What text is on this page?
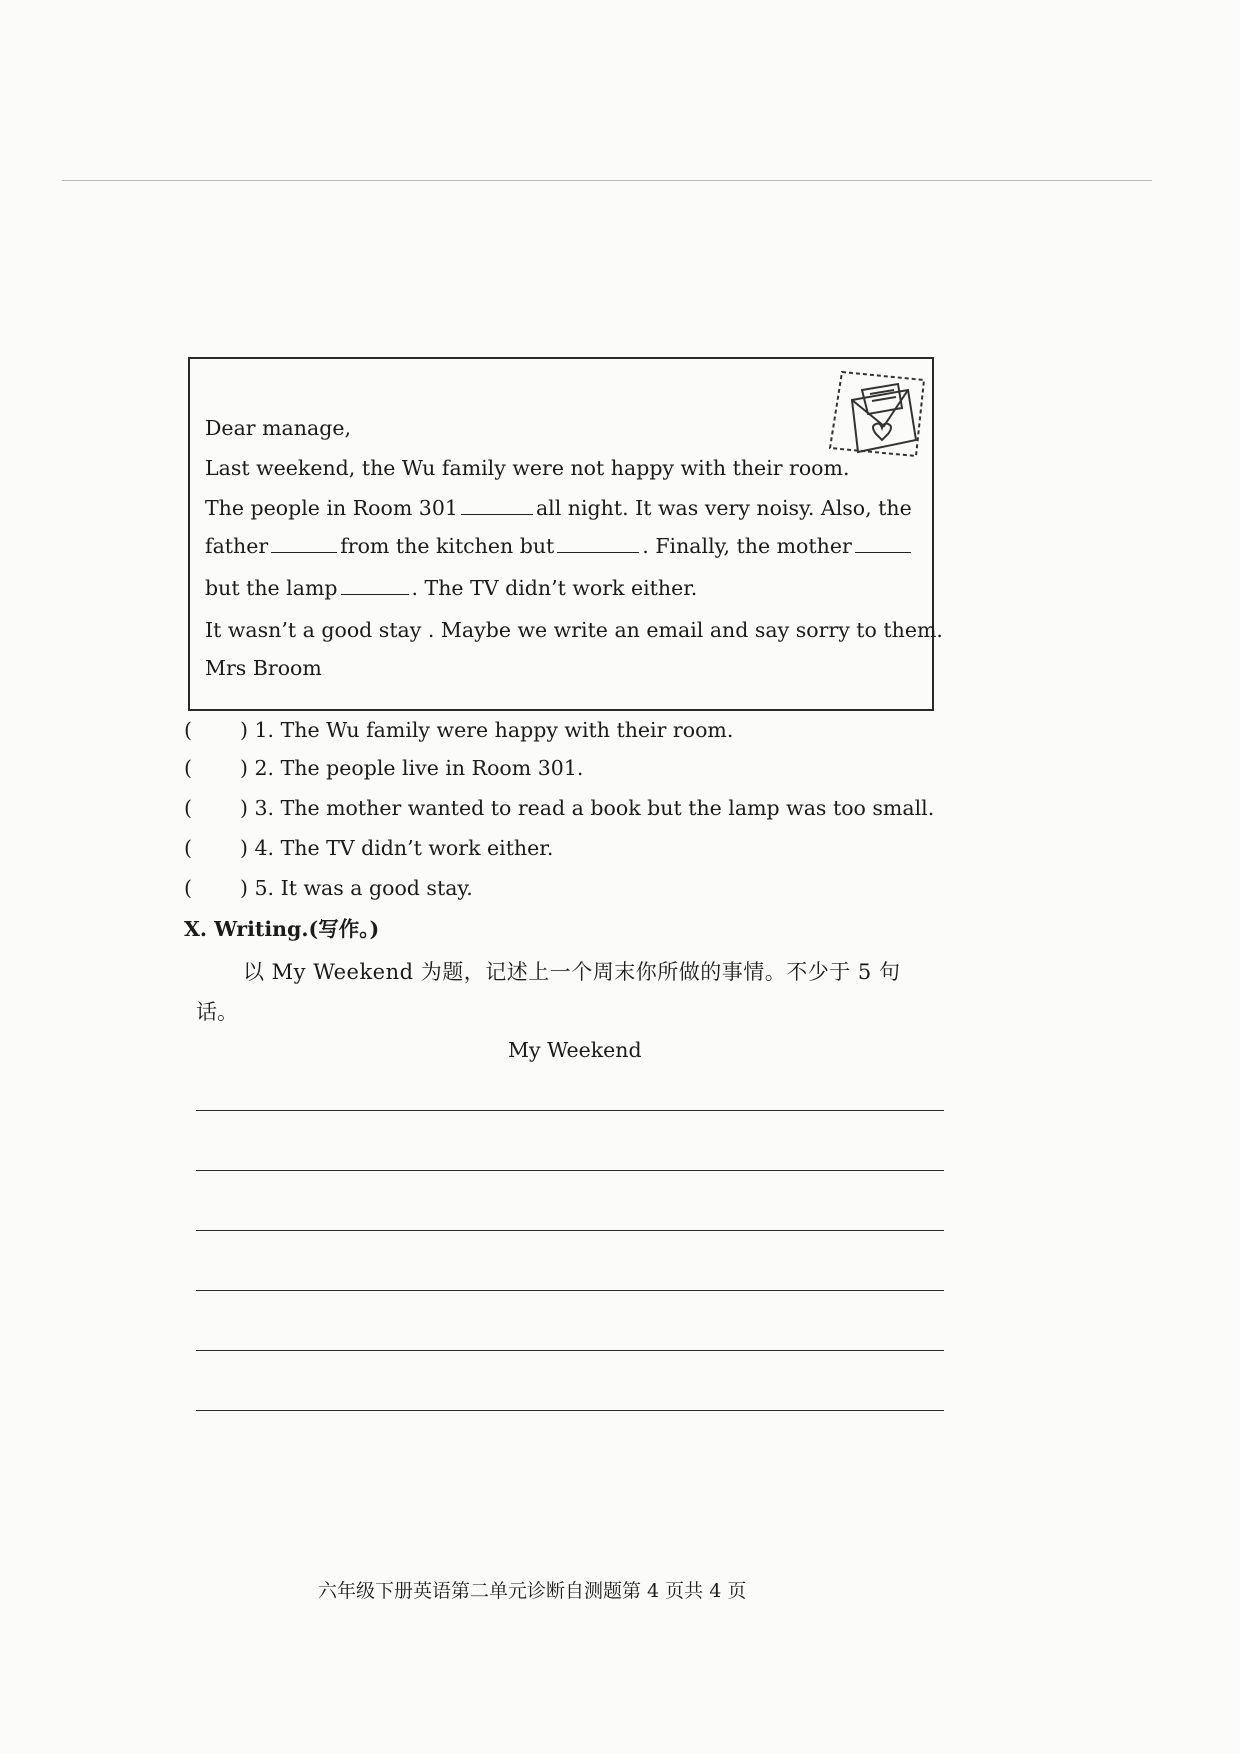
Dear manage,
Last weekend, the Wu family were not happy with their room.
The people in Room 301	all night. It was very noisy. Also, the
father	from the kitchen but	. Finally, the mother
but the lamp	. The TV didn’t work either.
It wasn’t a good stay . Maybe we write an email and say sorry to them.
Mrs Broom
( ) 1. The Wu family were happy with their room.
( ) 2. The people live in Room 301.
( ) 3. The mother wanted to read a book but the lamp was too small.
( ) 4. The TV didn’t work either.
( ) 5. It was a good stay.
X. Writing.(写作。)
以 My Weekend 为题，记述上一个周末你所做的事情。不少于 5 句
话。
My Weekend
六年级下册英语第二单元诊断自测题第 4 页共 4 页
